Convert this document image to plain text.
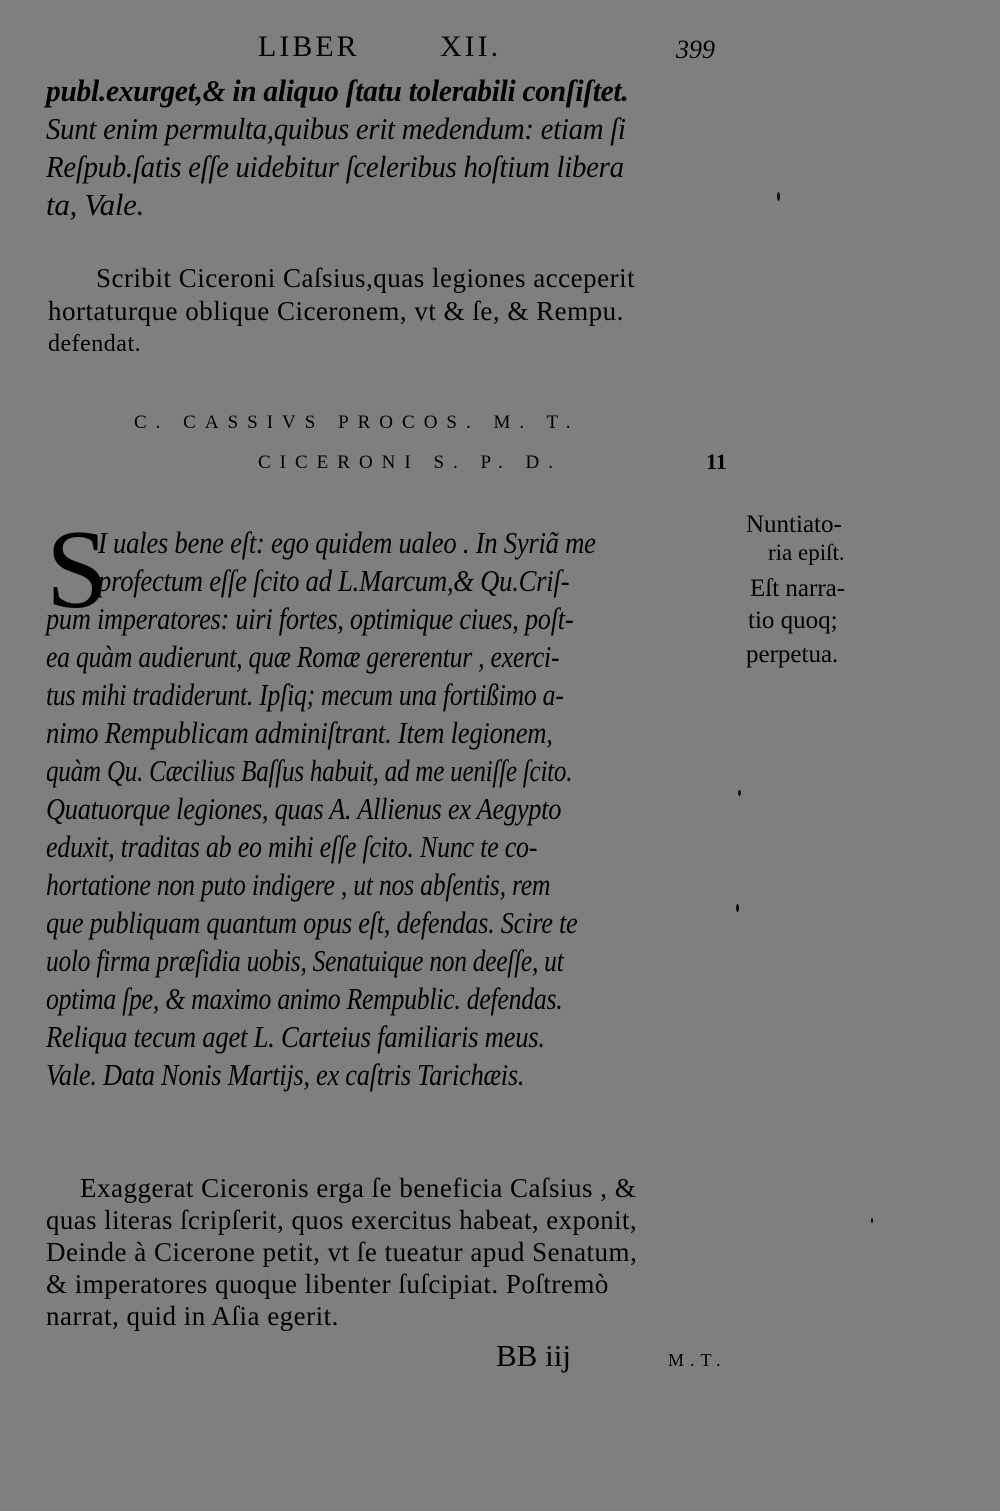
LIBER	XII.	399
publ.exurget,& in aliquo ſtatu tolerabili conſiſtet.
Sunt enim permulta,quibus erit medendum: etiam ſi
Reſpub.ſatis eſſe uidebitur ſceleribus hoſtium libera
ta, Vale.
Scribit Ciceroni Caſsius,quas legiones acceperit
hortaturque oblique Ciceronem, vt & ſe, & Rempu.
defendat.
C. CASSIVS PROCOS. M. T.
CICERONI S. P. D.	11
S
I uales bene eſt: ego quidem ualeo . In Syriã me
profectum eſſe ſcito ad L.Marcum,& Qu.Criſ-
pum imperatores: uiri fortes, optimique ciues, poſt-
ea quàm audierunt, quæ Romæ gererentur , exerci-
tus mihi tradiderunt. Ipſiq; mecum una fortißimo a-
nimo Rempublicam adminiſtrant. Item legionem,
quàm Qu. Cæcilius Baſſus habuit, ad me ueniſſe ſcito.
Quatuorque legiones, quas A. Allienus ex Aegypto
eduxit, traditas ab eo mihi eſſe ſcito. Nunc te co-
hortatione non puto indigere , ut nos abſentis, rem
que publiquam quantum opus eſt, defendas. Scire te
uolo firma præſidia uobis, Senatuique non deeſſe, ut
optima ſpe, & maximo animo Rempublic. defendas.
Reliqua tecum aget L. Carteius familiaris meus.
Vale. Data Nonis Martijs, ex caſtris Tarichæis.
Nuntiato-
ria epiſt.
Eſt narra-
tio quoq;
perpetua.
Exaggerat Ciceronis erga ſe beneficia Caſsius , &
quas literas ſcripſerit, quos exercitus habeat, exponit,
Deinde à Cicerone petit, vt ſe tueatur apud Senatum,
& imperatores quoque libenter ſuſcipiat. Poſtremò
narrat, quid in Aſia egerit.
BB iij	M.T.
